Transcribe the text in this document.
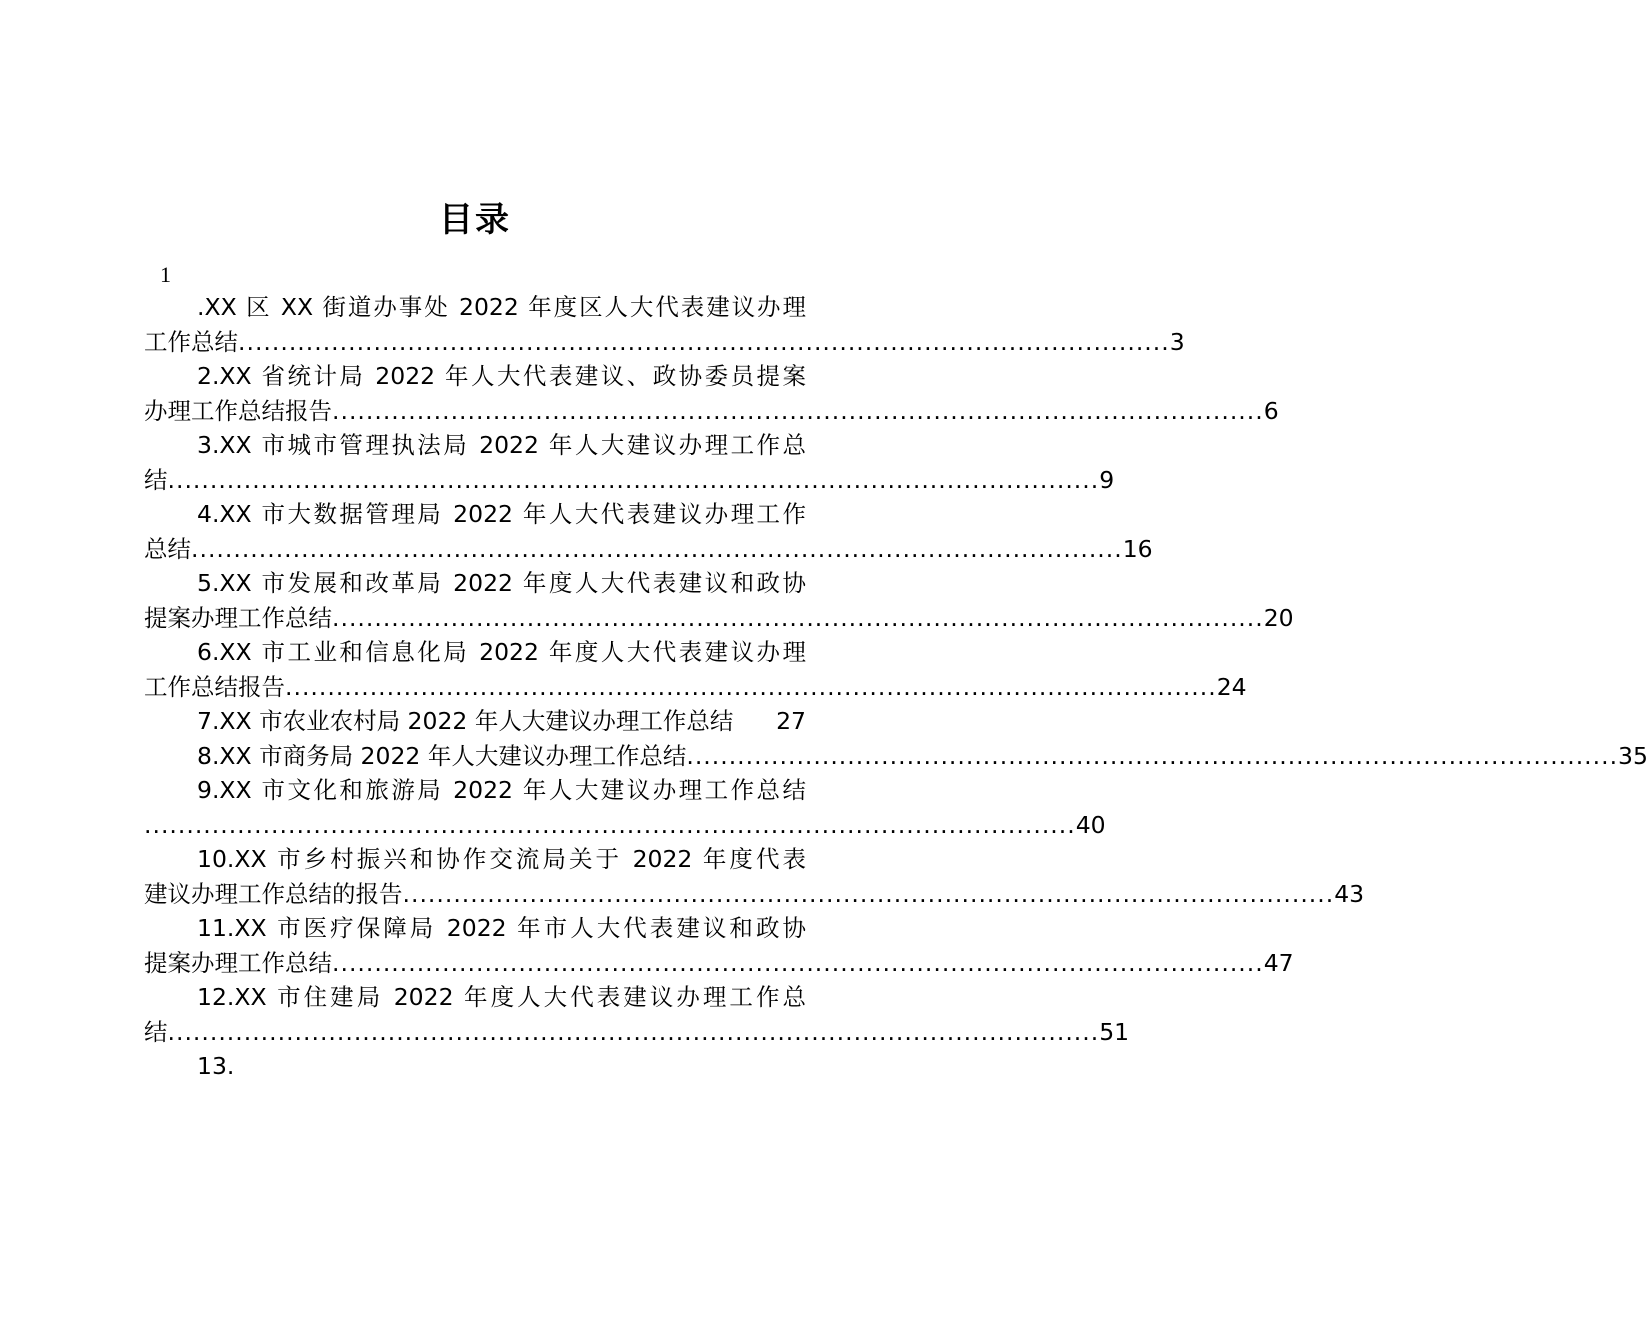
目录
1
.XX 区 XX 街道办事处 2022 年度区人大代表建议办理
工作总结 .............................................................................................................. 3
2.XX 省统计局 2022 年人大代表建议、政协委员提案
办理工作总结报告 .............................................................................................................. 6
3.XX 市城市管理执法局 2022 年人大建议办理工作总
结 .............................................................................................................. 9
4.XX 市大数据管理局 2022 年人大代表建议办理工作
总结 .............................................................................................................. 16
5.XX 市发展和改革局 2022 年度人大代表建议和政协
提案办理工作总结 .............................................................................................................. 20
6.XX 市工业和信息化局 2022 年度人大代表建议办理
工作总结报告 .............................................................................................................. 24
7.XX 市农业农村局 2022 年人大建议办理工作总结 27
8.XX 市商务局 2022 年人大建议办理工作总结 .............................................................................................................. 35
9.XX 市文化和旅游局 2022 年人大建议办理工作总结
.............................................................................................................. 40
10.XX 市乡村振兴和协作交流局关于 2022 年度代表
建议办理工作总结的报告 .............................................................................................................. 43
11.XX 市医疗保障局 2022 年市人大代表建议和政协
提案办理工作总结 .............................................................................................................. 47
12.XX 市住建局 2022 年度人大代表建议办理工作总
结 .............................................................................................................. 51
13.
